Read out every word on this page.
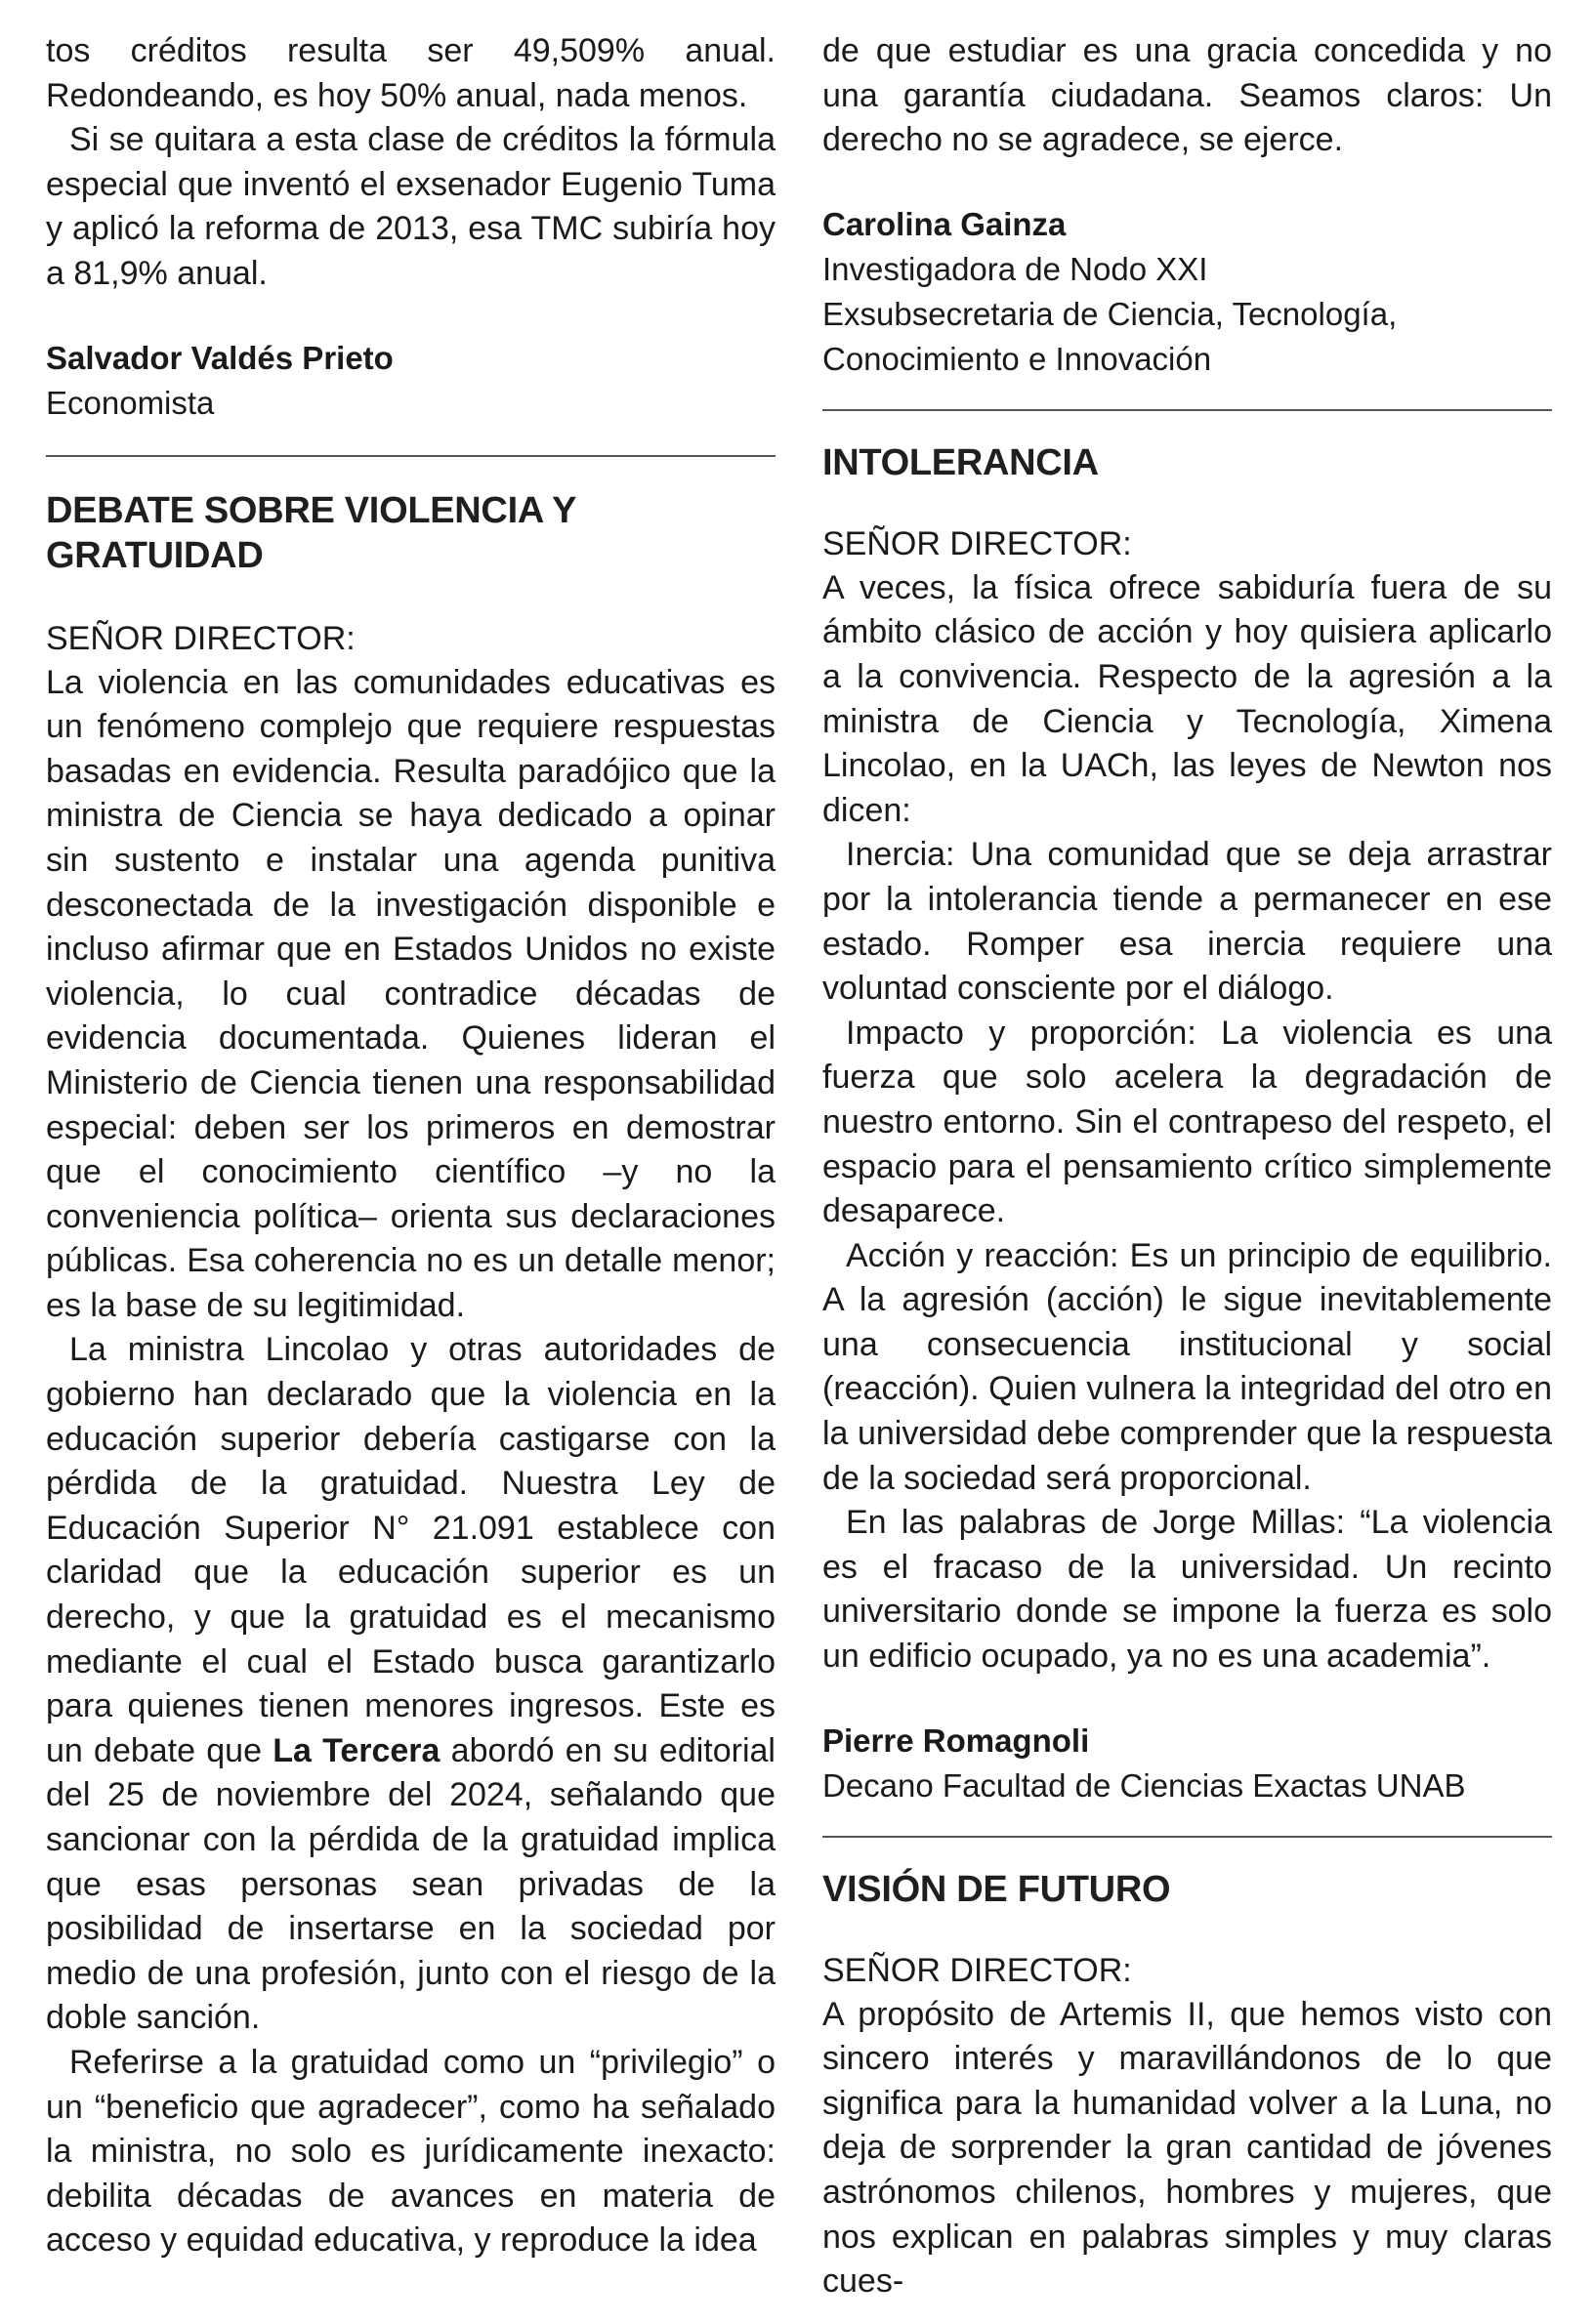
tos créditos resulta ser 49,509% anual. Redondeando, es hoy 50% anual, nada menos.

Si se quitara a esta clase de créditos la fórmula especial que inventó el exsenador Eugenio Tuma y aplicó la reforma de 2013, esa TMC subiría hoy a 81,9% anual.

Salvador Valdés Prieto

Economista

DEBATE SOBRE VIOLENCIA Y
GRATUIDAD

SEÑOR DIRECTOR:

La violencia en las comunidades educativas es un fenómeno complejo que requiere respuestas basadas en evidencia. Resulta paradójico que la ministra de Ciencia se haya dedicado a opinar sin sustento e instalar una agenda punitiva desconectada de la investigación disponible e incluso afirmar que en Estados Unidos no existe violencia, lo cual contradice décadas de evidencia documentada. Quienes lideran el Ministerio de Ciencia tienen una responsabilidad especial: deben ser los primeros en demostrar que el conocimiento científico –y no la conveniencia política– orienta sus declaraciones públicas. Esa coherencia no es un detalle menor; es la base de su legitimidad.

La ministra Lincolao y otras autoridades de gobierno han declarado que la violencia en la educación superior debería castigarse con la pérdida de la gratuidad. Nuestra Ley de Educación Superior N° 21.091 establece con claridad que la educación superior es un derecho, y que la gratuidad es el mecanismo mediante el cual el Estado busca garantizarlo para quienes tienen menores ingresos. Este es un debate que La Tercera abordó en su editorial del 25 de noviembre del 2024, señalando que sancionar con la pérdida de la gratuidad implica que esas personas sean privadas de la posibilidad de insertarse en la sociedad por medio de una profesión, junto con el riesgo de la doble sanción.

Referirse a la gratuidad como un “privilegio” o un “beneficio que agradecer”, como ha señalado la ministra, no solo es jurídicamente inexacto: debilita décadas de avances en materia de acceso y equidad educativa, y reproduce la idea

de que estudiar es una gracia concedida y no una garantía ciudadana. Seamos claros: Un derecho no se agradece, se ejerce.

Carolina Gainza

Investigadora de Nodo XXI

Exsubsecretaria de Ciencia, Tecnología, Conocimiento e Innovación

INTOLERANCIA

SEÑOR DIRECTOR:

A veces, la física ofrece sabiduría fuera de su ámbito clásico de acción y hoy quisiera aplicarlo a la convivencia. Respecto de la agresión a la ministra de Ciencia y Tecnología, Ximena Lincolao, en la UACh, las leyes de Newton nos dicen:

Inercia: Una comunidad que se deja arrastrar por la intolerancia tiende a permanecer en ese estado. Romper esa inercia requiere una voluntad consciente por el diálogo.

Impacto y proporción: La violencia es una fuerza que solo acelera la degradación de nuestro entorno. Sin el contrapeso del respeto, el espacio para el pensamiento crítico simplemente desaparece.

Acción y reacción: Es un principio de equilibrio. A la agresión (acción) le sigue inevitablemente una consecuencia institucional y social (reacción). Quien vulnera la integridad del otro en la universidad debe comprender que la respuesta de la sociedad será proporcional.

En las palabras de Jorge Millas: “La violencia es el fracaso de la universidad. Un recinto universitario donde se impone la fuerza es solo un edificio ocupado, ya no es una academia”.

Pierre Romagnoli

Decano Facultad de Ciencias Exactas UNAB

VISIÓN DE FUTURO

SEÑOR DIRECTOR:

A propósito de Artemis II, que hemos visto con sincero interés y maravillándonos de lo que significa para la humanidad volver a la Luna, no deja de sorprender la gran cantidad de jóvenes astrónomos chilenos, hombres y mujeres, que nos explican en palabras simples y muy claras cues-
